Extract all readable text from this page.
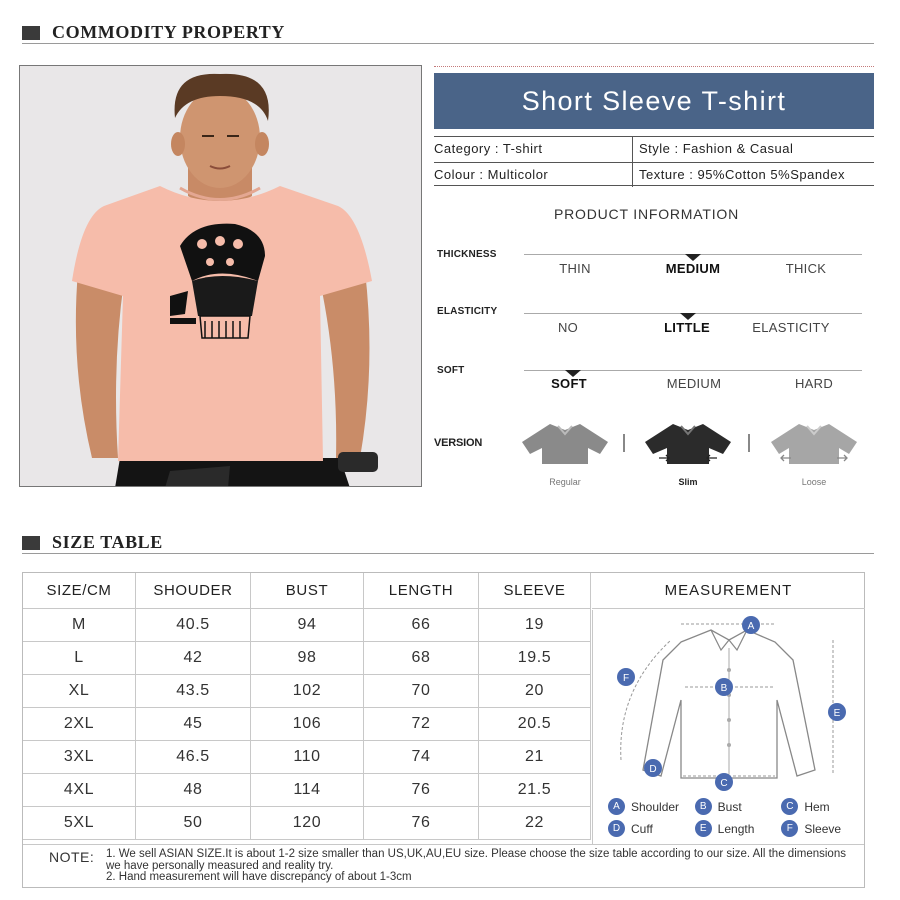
COMMODITY PROPERTY
Short Sleeve T-shirt
Category : T-shirt	Style : Fashion & Casual
Colour : Multicolor	Texture : 95%Cotton 5%Spandex
PRODUCT INFORMATION
THICKNESS
THIN	MEDIUM	THICK
ELASTICITY
NO	LITTLE	ELASTICITY
SOFT
SOFT	MEDIUM	HARD
VERSION
Regular	Slim	Loose
SIZE TABLE
SIZE/CM	SHOUDER	BUST	LENGTH	SLEEVE
M	40.5	94	66	19
L	42	98	68	19.5
XL	43.5	102	70	20
2XL	45	106	72	20.5
3XL	46.5	110	74	21
4XL	48	114	76	21.5
5XL	50	120	76	22
MEASUREMENT
A
B
C
D
E
F
A Shoulder	B Bust	C Hem
D Cuff	E Length	F Sleeve
NOTE: 1. We sell ASIAN SIZE.It is about 1-2 size smaller than US,UK,AU,EU size. Please choose the size table according to our size. All the dimensions we have personally measured and reality try.
2. Hand measurement will have discrepancy of about 1-3cm
